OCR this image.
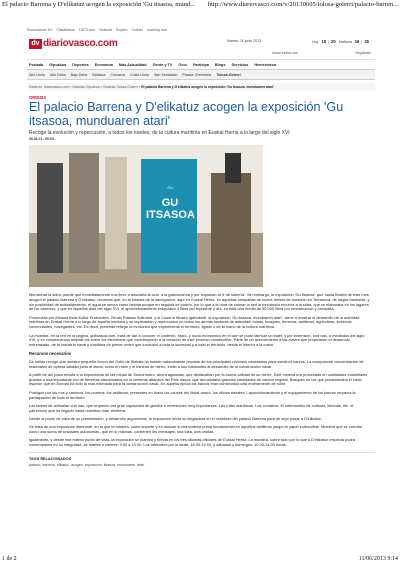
El palacio Barrena y D'elikatuz acogen la exposición 'Gu itsasoa, mund... http://www.diariovasco.com/v/20130605/tolosa-goierri/palacio-barren...
Promociones DV Clasificados 11870.com Vivienda Empleo Coches muerhoy.com
dv diariovasco.com	Martes, 11 junio 2013	Hoy 15 | 20 Mañana 16 | 25
Iniciar sesión con	Regístrate
Portada Gipuzkoa Deportes Economía Más Actualidad Gente y TV Ocio Participa Blogs Servicios Hemeroteca
Alto Urola Alto Deba Bajo Deba Bidasoa Comarca Costa Urola San Sebastián Pasaia -Errenteria Tolosa-Goierri
Estás en: diariovasco.com » Noticias Gipuzkoa » Noticias Tolosa-Goierri » El palacio Barrena y D'elikatuz acogen la exposición 'Gu itsasoa, munduaren atari'
ORDIZIA
El palacio Barrena y D'elikatuz acogen la exposición 'Gu itsasoa, munduaren atari'
Recoge la evolución y repercusión, a todos los niveles, de la cultura marítima en Euskal Herria a lo largo del siglo XVI
05.06.13 - 00:03 -
Gu
GU ITSASOA

Mencionar la sidra, puede que inmediatamente nos lleve a asociarla al ocio, a la gastronomía y por supuesto al 'ir de sidrería'. Sin embargo, la exposición 'Gu itsasoa', que hasta finales de este mes acogen el palacio Barrena y D'elikatuz, recuerda que, en la historia de la navegación, aquí en Euskal Herria, en aquellas campañas de nueve meses de duración en Terranova, de largas travesías, y sin posibilidad de avituallamiento, el agua se servía como bebida porque en seguida se pudría, por lo que a la hora de calmar la sed la tripulación recurría a la sidra, que se elaboraba en los lagares de los caseríos, y que en aquellos días del siglo XVI, el aprovisionamiento estipulaba 3 litros por tripulante y día, en total una media de 50.000 litros por embarcación y campaña.

Promovida por Albaola Itsas Kultur Erakundea, Zerain Paisaia Kulturala, y el Caserío Museo Igartubeiti, la exposición 'Gu itsasoa, munduaren atari', viene a mostrar el desarrollo de la actividad marítima en Euskal Herria a lo largo de aquella centuria y su implicación y repercusión en todos los demás sectores de actividad: minas, bosques, ferrerías, astilleros, agricultura, sidrerías, comerciantes, navegantes, etc. Es decir, pretende reflejar la evolución que experimentó el territorio, ligado o de la mano de la cultura marítima.

La muestra, en la red en la página, guitsasoa.com, trata de dar a conocer el contexto, físico, y socio-económico en el que se pudo fabricar un balet, y por extensión, una nao, a mediados del siglo XVI, y en consecuencia ampliar los sobre los elementos que contribuyeron a la creación de este proceso constructivo. Parte de un acercamiento a las claves que propiciaron el desarrollo, entrelazado, de la industria naval y marítima de primer orden que involucró a toda la sociedad y a todo el territorio, desde el interior a la costa.

Recursos necesarios

De salida recoge que nuestro pequeño rincón del Golfo de Bizkaia ha estado naturalmente provisto de los principales recursos necesarios para construir barcos. La excepcional concentración de materiales de óptima calidad junto al litoral, como el roble y el mineral de hierro, incitó a sus habitantes al desarrollo de la construcción naval.

A partir de ahí pasa revista a la importancia de las minas de Somorrostro, ahora agotadas, que destacaban por la buena calidad de su hierro. Este mineral era procesado en cantidades industriales gracias a una importante red de ferrerías diseminadas en la vertiente atlántica del País Vasco; que demandaba grandes cantidades de carbón vegetal. Bosques en los que predominaba el roble; especie que en Europa ha sido la más estimada para la construcción naval. En aquella época los barcos eran construidos casi enteramente de roble.

Prosigue por los ríos y caminos, los puertos, los astilleros, presentes en todos los cauces del litoral vasco, los oficios navales, l aprovisionamiento y el equipamiento de los barcos requería la participación de todo el territorio.

Las tareas de avituallar una nao, que requería una gran capacidad de gestión e inversiones muy importantes. Las rutas marítimas. Los corsarios. El intercambio de culturas, idiomas, etc. el patrimonio que ha llegado hasta nuestros días, etcétera.

Desde el punto de vista de su presentación, y desarrollo argumental, la exposición inicia su singladura en el vestíbulo del palacio Barrena para de aquí pasar a D'elikatuz.

Se trata de una exposición itinerante, en la que la madera, como soporte y en alusión a una materia prima fundamental en aquellos astilleros juega un papel indiscutible. Muestra que se concibe como una suma de unidades autónomas, que en sí mismas, contienen los mensajes, una idea, una unidad.

Igualmente, y desde ese mismo punto de vista, la exposición se plantea y brinda en los tres idiomas oficiales de Euskal Herria. La muestra, sobre todo por lo que a D'elikatuz respecta podrá contemplarse en su integridad, de martes a viernes: 9.00 a 13.00. Los miércoles por la tarde: 16.00-19.00, y sábados y domingos: 10.00-14.00 horas.

TAGS RELACIONADOS
palacio, barrena, elikatuz, acogen, exposicion, itsasoa, munduaren, atari
1 de 2	11/06/2013 9:14
